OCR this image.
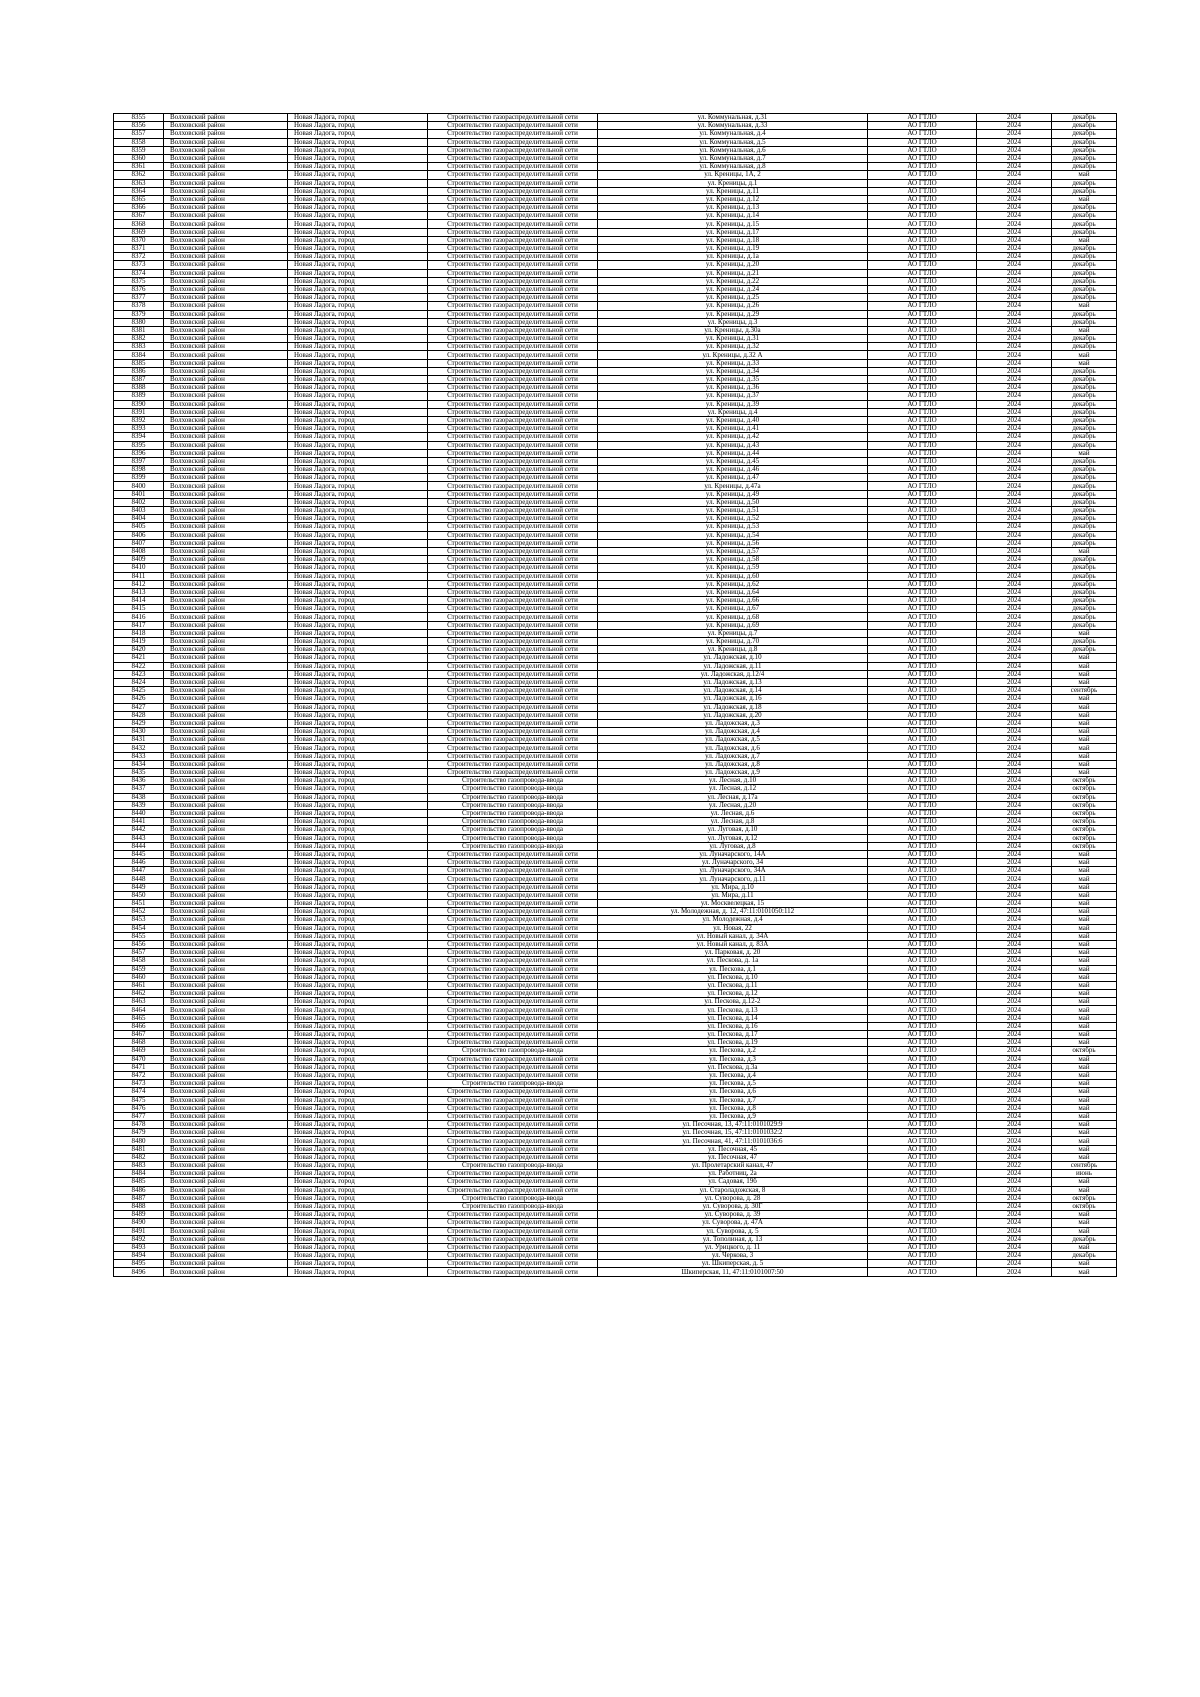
8355	Волховский район	Новая Ладога, город	Строительство газораспределительной сети	ул. Коммунальная, д.31	АО ГТЛО	2024	декабрь
8356	Волховский район	Новая Ладога, город	Строительство газораспределительной сети	ул. Коммунальная, д.33	АО ГТЛО	2024	декабрь
8357	Волховский район	Новая Ладога, город	Строительство газораспределительной сети	ул. Коммунальная, д.4	АО ГТЛО	2024	декабрь
8358	Волховский район	Новая Ладога, город	Строительство газораспределительной сети	ул. Коммунальная, д.5	АО ГТЛО	2024	декабрь
8359	Волховский район	Новая Ладога, город	Строительство газораспределительной сети	ул. Коммунальная, д.6	АО ГТЛО	2024	декабрь
8360	Волховский район	Новая Ладога, город	Строительство газораспределительной сети	ул. Коммунальная, д.7	АО ГТЛО	2024	декабрь
8361	Волховский район	Новая Ладога, город	Строительство газораспределительной сети	ул. Коммунальная, д.8	АО ГТЛО	2024	декабрь
8362	Волховский район	Новая Ладога, город	Строительство газораспределительной сети	ул. Креницы, 1А, 2	АО ГТЛО	2024	май
8363	Волховский район	Новая Ладога, город	Строительство газораспределительной сети	ул. Креницы, д.1	АО ГТЛО	2024	декабрь
8364	Волховский район	Новая Ладога, город	Строительство газораспределительной сети	ул. Креницы, д.11	АО ГТЛО	2024	декабрь
8365	Волховский район	Новая Ладога, город	Строительство газораспределительной сети	ул. Креницы, д.12	АО ГТЛО	2024	май
8366	Волховский район	Новая Ладога, город	Строительство газораспределительной сети	ул. Креницы, д.13	АО ГТЛО	2024	декабрь
8367	Волховский район	Новая Ладога, город	Строительство газораспределительной сети	ул. Креницы, д.14	АО ГТЛО	2024	декабрь
8368	Волховский район	Новая Ладога, город	Строительство газораспределительной сети	ул. Креницы, д.15	АО ГТЛО	2024	декабрь
8369	Волховский район	Новая Ладога, город	Строительство газораспределительной сети	ул. Креницы, д.17	АО ГТЛО	2024	декабрь
8370	Волховский район	Новая Ладога, город	Строительство газораспределительной сети	ул. Креницы, д.18	АО ГТЛО	2024	май
8371	Волховский район	Новая Ладога, город	Строительство газораспределительной сети	ул. Креницы, д.19	АО ГТЛО	2024	декабрь
8372	Волховский район	Новая Ладога, город	Строительство газораспределительной сети	ул. Креницы, д.1а	АО ГТЛО	2024	декабрь
8373	Волховский район	Новая Ладога, город	Строительство газораспределительной сети	ул. Креницы, д.20	АО ГТЛО	2024	декабрь
8374	Волховский район	Новая Ладога, город	Строительство газораспределительной сети	ул. Креницы, д.21	АО ГТЛО	2024	декабрь
8375	Волховский район	Новая Ладога, город	Строительство газораспределительной сети	ул. Креницы, д.22	АО ГТЛО	2024	декабрь
8376	Волховский район	Новая Ладога, город	Строительство газораспределительной сети	ул. Креницы, д.24	АО ГТЛО	2024	декабрь
8377	Волховский район	Новая Ладога, город	Строительство газораспределительной сети	ул. Креницы, д.25	АО ГТЛО	2024	декабрь
8378	Волховский район	Новая Ладога, город	Строительство газораспределительной сети	ул. Креницы, д.26	АО ГТЛО	2024	май
8379	Волховский район	Новая Ладога, город	Строительство газораспределительной сети	ул. Креницы, д.29	АО ГТЛО	2024	декабрь
8380	Волховский район	Новая Ладога, город	Строительство газораспределительной сети	ул. Креницы, д.3	АО ГТЛО	2024	декабрь
8381	Волховский район	Новая Ладога, город	Строительство газораспределительной сети	ул. Креницы, д.30а	АО ГТЛО	2024	май
8382	Волховский район	Новая Ладога, город	Строительство газораспределительной сети	ул. Креницы, д.31	АО ГТЛО	2024	декабрь
8383	Волховский район	Новая Ладога, город	Строительство газораспределительной сети	ул. Креницы, д.32	АО ГТЛО	2024	декабрь
8384	Волховский район	Новая Ладога, город	Строительство газораспределительной сети	ул. Креницы, д.32 А	АО ГТЛО	2024	май
8385	Волховский район	Новая Ладога, город	Строительство газораспределительной сети	ул. Креницы, д.33	АО ГТЛО	2024	май
8386	Волховский район	Новая Ладога, город	Строительство газораспределительной сети	ул. Креницы, д.34	АО ГТЛО	2024	декабрь
8387	Волховский район	Новая Ладога, город	Строительство газораспределительной сети	ул. Креницы, д.35	АО ГТЛО	2024	декабрь
8388	Волховский район	Новая Ладога, город	Строительство газораспределительной сети	ул. Креницы, д.36	АО ГТЛО	2024	декабрь
8389	Волховский район	Новая Ладога, город	Строительство газораспределительной сети	ул. Креницы, д.37	АО ГТЛО	2024	декабрь
8390	Волховский район	Новая Ладога, город	Строительство газораспределительной сети	ул. Креницы, д.39	АО ГТЛО	2024	декабрь
8391	Волховский район	Новая Ладога, город	Строительство газораспределительной сети	ул. Креницы, д.4	АО ГТЛО	2024	декабрь
8392	Волховский район	Новая Ладога, город	Строительство газораспределительной сети	ул. Креницы, д.40	АО ГТЛО	2024	декабрь
8393	Волховский район	Новая Ладога, город	Строительство газораспределительной сети	ул. Креницы, д.41	АО ГТЛО	2024	декабрь
8394	Волховский район	Новая Ладога, город	Строительство газораспределительной сети	ул. Креницы, д.42	АО ГТЛО	2024	декабрь
8395	Волховский район	Новая Ладога, город	Строительство газораспределительной сети	ул. Креницы, д.43	АО ГТЛО	2024	декабрь
8396	Волховский район	Новая Ладога, город	Строительство газораспределительной сети	ул. Креницы, д.44	АО ГТЛО	2024	май
8397	Волховский район	Новая Ладога, город	Строительство газораспределительной сети	ул. Креницы, д.45	АО ГТЛО	2024	декабрь
8398	Волховский район	Новая Ладога, город	Строительство газораспределительной сети	ул. Креницы, д.46	АО ГТЛО	2024	декабрь
8399	Волховский район	Новая Ладога, город	Строительство газораспределительной сети	ул. Креницы, д.47	АО ГТЛО	2024	декабрь
8400	Волховский район	Новая Ладога, город	Строительство газораспределительной сети	ул. Креницы, д.47а	АО ГТЛО	2024	декабрь
8401	Волховский район	Новая Ладога, город	Строительство газораспределительной сети	ул. Креницы, д.49	АО ГТЛО	2024	декабрь
8402	Волховский район	Новая Ладога, город	Строительство газораспределительной сети	ул. Креницы, д.50	АО ГТЛО	2024	декабрь
8403	Волховский район	Новая Ладога, город	Строительство газораспределительной сети	ул. Креницы, д.51	АО ГТЛО	2024	декабрь
8404	Волховский район	Новая Ладога, город	Строительство газораспределительной сети	ул. Креницы, д.52	АО ГТЛО	2024	декабрь
8405	Волховский район	Новая Ладога, город	Строительство газораспределительной сети	ул. Креницы, д.53	АО ГТЛО	2024	декабрь
8406	Волховский район	Новая Ладога, город	Строительство газораспределительной сети	ул. Креницы, д.54	АО ГТЛО	2024	декабрь
8407	Волховский район	Новая Ладога, город	Строительство газораспределительной сети	ул. Креницы, д.56	АО ГТЛО	2024	декабрь
8408	Волховский район	Новая Ладога, город	Строительство газораспределительной сети	ул. Креницы, д.57	АО ГТЛО	2024	май
8409	Волховский район	Новая Ладога, город	Строительство газораспределительной сети	ул. Креницы, д.58	АО ГТЛО	2024	декабрь
8410	Волховский район	Новая Ладога, город	Строительство газораспределительной сети	ул. Креницы, д.59	АО ГТЛО	2024	декабрь
8411	Волховский район	Новая Ладога, город	Строительство газораспределительной сети	ул. Креницы, д.60	АО ГТЛО	2024	декабрь
8412	Волховский район	Новая Ладога, город	Строительство газораспределительной сети	ул. Креницы, д.62	АО ГТЛО	2024	декабрь
8413	Волховский район	Новая Ладога, город	Строительство газораспределительной сети	ул. Креницы, д.64	АО ГТЛО	2024	декабрь
8414	Волховский район	Новая Ладога, город	Строительство газораспределительной сети	ул. Креницы, д.66	АО ГТЛО	2024	декабрь
8415	Волховский район	Новая Ладога, город	Строительство газораспределительной сети	ул. Креницы, д.67	АО ГТЛО	2024	декабрь
8416	Волховский район	Новая Ладога, город	Строительство газораспределительной сети	ул. Креницы, д.68	АО ГТЛО	2024	декабрь
8417	Волховский район	Новая Ладога, город	Строительство газораспределительной сети	ул. Креницы, д.69	АО ГТЛО	2024	декабрь
8418	Волховский район	Новая Ладога, город	Строительство газораспределительной сети	ул. Креницы, д.7	АО ГТЛО	2024	май
8419	Волховский район	Новая Ладога, город	Строительство газораспределительной сети	ул. Креницы, д.70	АО ГТЛО	2024	декабрь
8420	Волховский район	Новая Ладога, город	Строительство газораспределительной сети	ул. Креницы, д.8	АО ГТЛО	2024	декабрь
8421	Волховский район	Новая Ладога, город	Строительство газораспределительной сети	ул. Ладожская, д.10	АО ГТЛО	2024	май
8422	Волховский район	Новая Ладога, город	Строительство газораспределительной сети	ул. Ладожская, д.11	АО ГТЛО	2024	май
8423	Волховский район	Новая Ладога, город	Строительство газораспределительной сети	ул. Ладожская, д.12/4	АО ГТЛО	2024	май
8424	Волховский район	Новая Ладога, город	Строительство газораспределительной сети	ул. Ладожская, д.13	АО ГТЛО	2024	май
8425	Волховский район	Новая Ладога, город	Строительство газораспределительной сети	ул. Ладожская, д.14	АО ГТЛО	2024	сентябрь
8426	Волховский район	Новая Ладога, город	Строительство газораспределительной сети	ул. Ладожская, д.16	АО ГТЛО	2024	май
8427	Волховский район	Новая Ладога, город	Строительство газораспределительной сети	ул. Ладожская, д.18	АО ГТЛО	2024	май
8428	Волховский район	Новая Ладога, город	Строительство газораспределительной сети	ул. Ладожская, д.20	АО ГТЛО	2024	май
8429	Волховский район	Новая Ладога, город	Строительство газораспределительной сети	ул. Ладожская, д.3	АО ГТЛО	2024	май
8430	Волховский район	Новая Ладога, город	Строительство газораспределительной сети	ул. Ладожская, д.4	АО ГТЛО	2024	май
8431	Волховский район	Новая Ладога, город	Строительство газораспределительной сети	ул. Ладожская, д.5	АО ГТЛО	2024	май
8432	Волховский район	Новая Ладога, город	Строительство газораспределительной сети	ул. Ладожская, д.6	АО ГТЛО	2024	май
8433	Волховский район	Новая Ладога, город	Строительство газораспределительной сети	ул. Ладожская, д.7	АО ГТЛО	2024	май
8434	Волховский район	Новая Ладога, город	Строительство газораспределительной сети	ул. Ладожская, д.8	АО ГТЛО	2024	май
8435	Волховский район	Новая Ладога, город	Строительство газораспределительной сети	ул. Ладожская, д.9	АО ГТЛО	2024	май
8436	Волховский район	Новая Ладога, город	Строительство газопровода-ввода	ул. Лесная, д.10	АО ГТЛО	2024	октябрь
8437	Волховский район	Новая Ладога, город	Строительство газопровода-ввода	ул. Лесная, д.12	АО ГТЛО	2024	октябрь
8438	Волховский район	Новая Ладога, город	Строительство газопровода-ввода	ул. Лесная, д.17а	АО ГТЛО	2024	октябрь
8439	Волховский район	Новая Ладога, город	Строительство газопровода-ввода	ул. Лесная, д.20	АО ГТЛО	2024	октябрь
8440	Волховский район	Новая Ладога, город	Строительство газопровода-ввода	ул. Лесная, д.6	АО ГТЛО	2024	октябрь
8441	Волховский район	Новая Ладога, город	Строительство газопровода-ввода	ул. Лесная, д.8	АО ГТЛО	2024	октябрь
8442	Волховский район	Новая Ладога, город	Строительство газопровода-ввода	ул. Луговая, д.10	АО ГТЛО	2024	октябрь
8443	Волховский район	Новая Ладога, город	Строительство газопровода-ввода	ул. Луговая, д.12	АО ГТЛО	2024	октябрь
8444	Волховский район	Новая Ладога, город	Строительство газопровода-ввода	ул. Луговая, д.8	АО ГТЛО	2024	октябрь
8445	Волховский район	Новая Ладога, город	Строительство газораспределительной сети	ул. Луначарского, 14А	АО ГТЛО	2024	май
8446	Волховский район	Новая Ладога, город	Строительство газораспределительной сети	ул. Луначарского, 34	АО ГТЛО	2024	май
8447	Волховский район	Новая Ладога, город	Строительство газораспределительной сети	ул. Луначарского, 34А	АО ГТЛО	2024	май
8448	Волховский район	Новая Ладога, город	Строительство газораспределительной сети	ул. Луначарского, д.11	АО ГТЛО	2024	май
8449	Волховский район	Новая Ладога, город	Строительство газораспределительной сети	ул. Мира, д.10	АО ГТЛО	2024	май
8450	Волховский район	Новая Ладога, город	Строительство газораспределительной сети	ул. Мира, д.11	АО ГТЛО	2024	май
8451	Волховский район	Новая Ладога, город	Строительство газораспределительной сети	ул. Москвелецкая, 15	АО ГТЛО	2024	май
8452	Волховский район	Новая Ладога, город	Строительство газораспределительной сети	ул. Молодежная, д. 12, 47:11:0101050:112	АО ГТЛО	2024	май
8453	Волховский район	Новая Ладога, город	Строительство газораспределительной сети	ул. Молодежная, д.4	АО ГТЛО	2024	май
8454	Волховский район	Новая Ладога, город	Строительство газораспределительной сети	ул. Новая, 22	АО ГТЛО	2024	май
8455	Волховский район	Новая Ладога, город	Строительство газораспределительной сети	ул. Новый канал, д. 34А	АО ГТЛО	2024	май
8456	Волховский район	Новая Ладога, город	Строительство газораспределительной сети	ул. Новый канал, д. 83А	АО ГТЛО	2024	май
8457	Волховский район	Новая Ладога, город	Строительство газораспределительной сети	ул. Парковая, д. 20	АО ГТЛО	2024	май
8458	Волховский район	Новая Ладога, город	Строительство газораспределительной сети	ул. Пескова, д. 1а	АО ГТЛО	2024	май
8459	Волховский район	Новая Ладога, город	Строительство газораспределительной сети	ул. Пескова, д.1	АО ГТЛО	2024	май
8460	Волховский район	Новая Ладога, город	Строительство газораспределительной сети	ул. Пескова, д.10	АО ГТЛО	2024	май
8461	Волховский район	Новая Ладога, город	Строительство газораспределительной сети	ул. Пескова, д.11	АО ГТЛО	2024	май
8462	Волховский район	Новая Ладога, город	Строительство газораспределительной сети	ул. Пескова, д.12	АО ГТЛО	2024	май
8463	Волховский район	Новая Ладога, город	Строительство газораспределительной сети	ул. Пескова, д.12-2	АО ГТЛО	2024	май
8464	Волховский район	Новая Ладога, город	Строительство газораспределительной сети	ул. Пескова, д.13	АО ГТЛО	2024	май
8465	Волховский район	Новая Ладога, город	Строительство газораспределительной сети	ул. Пескова, д.14	АО ГТЛО	2024	май
8466	Волховский район	Новая Ладога, город	Строительство газораспределительной сети	ул. Пескова, д.16	АО ГТЛО	2024	май
8467	Волховский район	Новая Ладога, город	Строительство газораспределительной сети	ул. Пескова, д.17	АО ГТЛО	2024	май
8468	Волховский район	Новая Ладога, город	Строительство газораспределительной сети	ул. Пескова, д.19	АО ГТЛО	2024	май
8469	Волховский район	Новая Ладога, город	Строительство газопровода-ввода	ул. Пескова, д.2	АО ГТЛО	2024	октябрь
8470	Волховский район	Новая Ладога, город	Строительство газораспределительной сети	ул. Пескова, д.3	АО ГТЛО	2024	май
8471	Волховский район	Новая Ладога, город	Строительство газораспределительной сети	ул. Пескова, д.3а	АО ГТЛО	2024	май
8472	Волховский район	Новая Ладога, город	Строительство газораспределительной сети	ул. Пескова, д.4	АО ГТЛО	2024	май
8473	Волховский район	Новая Ладога, город	Строительство газопровода-ввода	ул. Пескова, д.5	АО ГТЛО	2024	май
8474	Волховский район	Новая Ладога, город	Строительство газораспределительной сети	ул. Пескова, д.6	АО ГТЛО	2024	май
8475	Волховский район	Новая Ладога, город	Строительство газораспределительной сети	ул. Пескова, д.7	АО ГТЛО	2024	май
8476	Волховский район	Новая Ладога, город	Строительство газораспределительной сети	ул. Пескова, д.8	АО ГТЛО	2024	май
8477	Волховский район	Новая Ладога, город	Строительство газораспределительной сети	ул. Пескова, д.9	АО ГТЛО	2024	май
8478	Волховский район	Новая Ладога, город	Строительство газораспределительной сети	ул. Песочная, 13, 47:11:0101029:9	АО ГТЛО	2024	май
8479	Волховский район	Новая Ладога, город	Строительство газораспределительной сети	ул. Песочная, 15, 47:11:0101032:2	АО ГТЛО	2024	май
8480	Волховский район	Новая Ладога, город	Строительство газораспределительной сети	ул. Песочная, 41, 47:11:0101036:6	АО ГТЛО	2024	май
8481	Волховский район	Новая Ладога, город	Строительство газораспределительной сети	ул. Песочная, 45	АО ГТЛО	2024	май
8482	Волховский район	Новая Ладога, город	Строительство газораспределительной сети	ул. Песочная, 47	АО ГТЛО	2024	май
8483	Волховский район	Новая Ладога, город	Строительство газопровода-ввода	ул. Пролетарский канал, 47	АО ГТЛО	2022	сентябрь
8484	Волховский район	Новая Ладога, город	Строительство газораспределительной сети	ул. Работниц, 2а	АО ГТЛО	2024	июнь
8485	Волховский район	Новая Ладога, город	Строительство газораспределительной сети	ул. Садовая, 19б	АО ГТЛО	2024	май
8486	Волховский район	Новая Ладога, город	Строительство газораспределительной сети	ул. Староладожская, 8	АО ГТЛО	2024	май
8487	Волховский район	Новая Ладога, город	Строительство газопровода-ввода	ул. Суворова, д. 28	АО ГТЛО	2024	октябрь
8488	Волховский район	Новая Ладога, город	Строительство газопровода-ввода	ул. Суворова, д. 30Г	АО ГТЛО	2024	октябрь
8489	Волховский район	Новая Ладога, город	Строительство газораспределительной сети	ул. Суворова, д. 39	АО ГТЛО	2024	май
8490	Волховский район	Новая Ладога, город	Строительство газораспределительной сети	ул. Суворова, д. 47А	АО ГТЛО	2024	май
8491	Волховский район	Новая Ладога, город	Строительство газораспределительной сети	ул. Суворова, д. 5	АО ГТЛО	2024	май
8492	Волховский район	Новая Ладога, город	Строительство газораспределительной сети	ул. Тополиная, д. 13	АО ГТЛО	2024	декабрь
8493	Волховский район	Новая Ладога, город	Строительство газораспределительной сети	ул. Урицкого, д. 11	АО ГТЛО	2024	май
8494	Волховский район	Новая Ладога, город	Строительство газораспределительной сети	ул. Черкова, 3	АО ГТЛО	2024	декабрь
8495	Волховский район	Новая Ладога, город	Строительство газораспределительной сети	ул. Шкиперская, д. 5	АО ГТЛО	2024	май
8496	Волховский район	Новая Ладога, город	Строительство газораспределительной сети	Шкиперская, 11, 47:11:0101007:50	АО ГТЛО	2024	май
